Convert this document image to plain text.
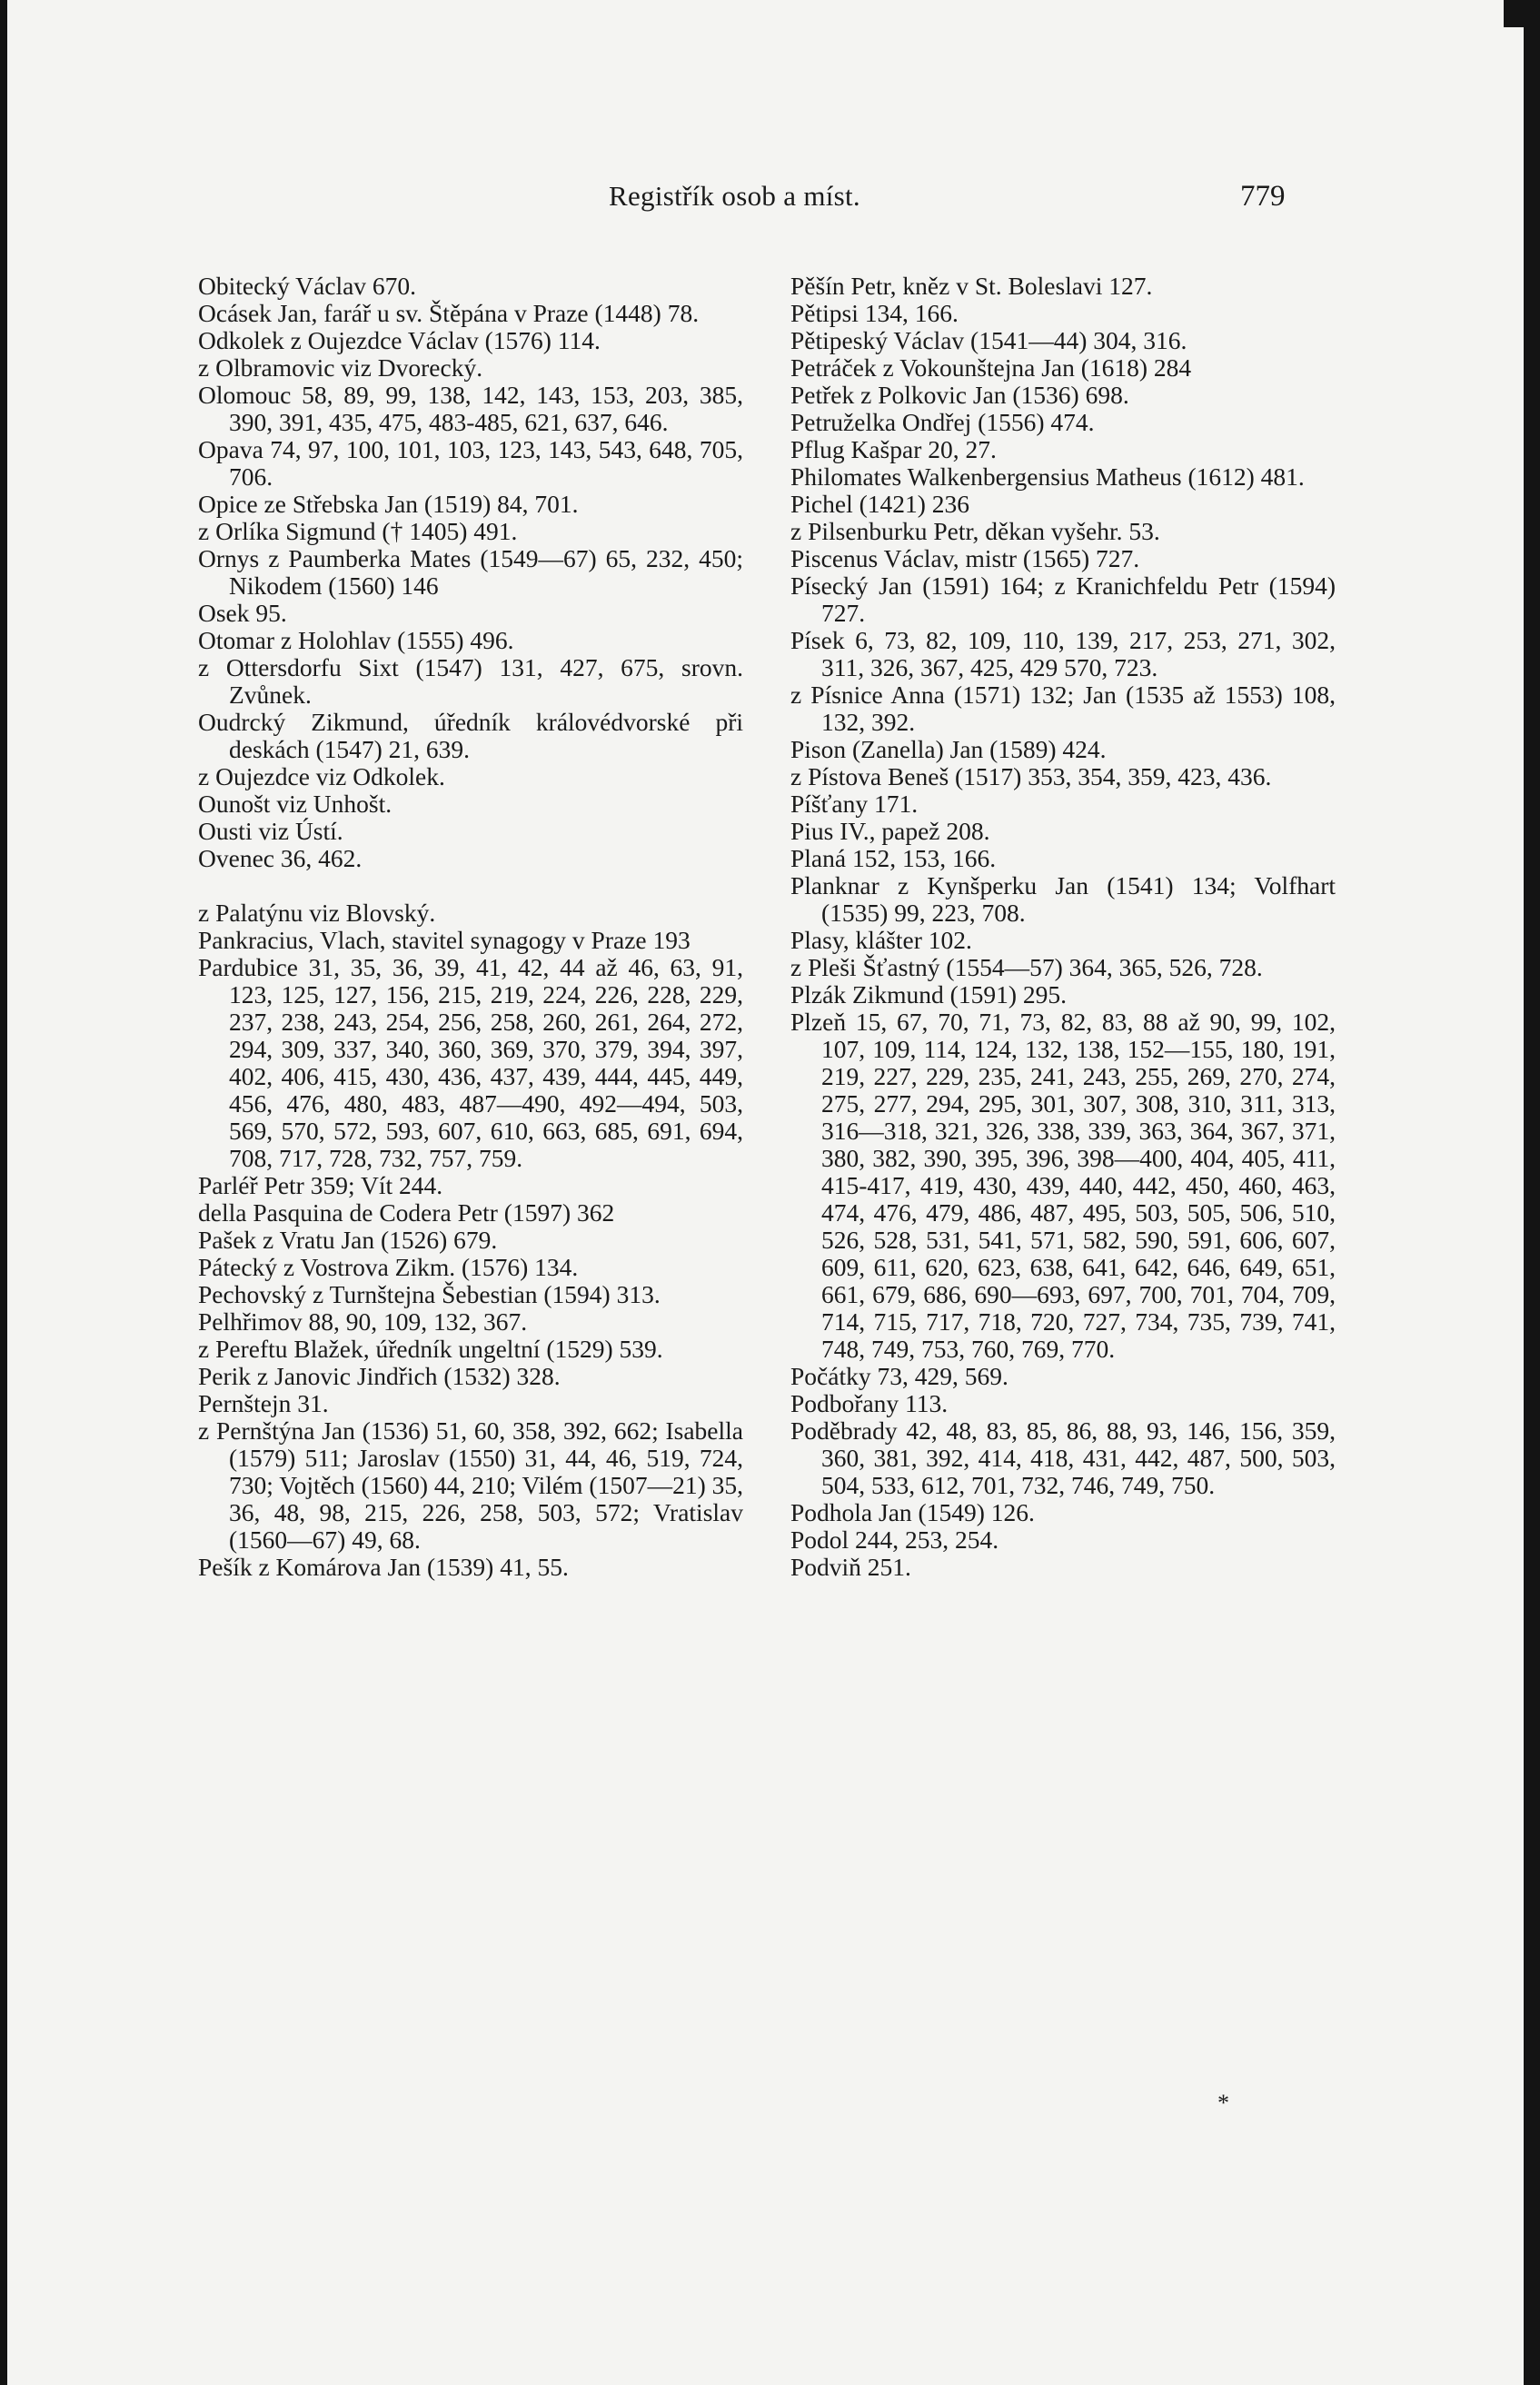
Registřík osob a míst.	779

Obitecký Václav 670.

Ocásek Jan, farář u sv. Štěpána v Praze (1448) 78.

Odkolek z Oujezdce Václav (1576) 114.

z Olbramovic viz Dvorecký.

Olomouc 58, 89, 99, 138, 142, 143, 153, 203, 385, 390, 391, 435, 475, 483-485, 621, 637, 646.

Opava 74, 97, 100, 101, 103, 123, 143, 543, 648, 705, 706.

Opice ze Střebska Jan (1519) 84, 701.

z Orlíka Sigmund († 1405) 491.

Ornys z Paumberka Mates (1549—67) 65, 232, 450; Nikodem (1560) 146

Osek 95.

Otomar z Holohlav (1555) 496.

z Ottersdorfu Sixt (1547) 131, 427, 675, srovn. Zvůnek.

Oudrcký Zikmund, úředník královédvorské při deskách (1547) 21, 639.

z Oujezdce viz Odkolek.

Ounošt viz Unhošt.

Ousti viz Ústí.

Ovenec 36, 462.

z Palatýnu viz Blovský.

Pankracius, Vlach, stavitel synagogy v Praze 193

Pardubice 31, 35, 36, 39, 41, 42, 44 až 46, 63, 91, 123, 125, 127, 156, 215, 219, 224, 226, 228, 229, 237, 238, 243, 254, 256, 258, 260, 261, 264, 272, 294, 309, 337, 340, 360, 369, 370, 379, 394, 397, 402, 406, 415, 430, 436, 437, 439, 444, 445, 449, 456, 476, 480, 483, 487—490, 492—494, 503, 569, 570, 572, 593, 607, 610, 663, 685, 691, 694, 708, 717, 728, 732, 757, 759.

Parléř Petr 359; Vít 244.

della Pasquina de Codera Petr (1597) 362

Pašek z Vratu Jan (1526) 679.

Pátecký z Vostrova Zikm. (1576) 134.

Pechovský z Turnštejna Šebestian (1594) 313.

Pelhřimov 88, 90, 109, 132, 367.

z Pereftu Blažek, úředník ungeltní (1529) 539.

Perik z Janovic Jindřich (1532) 328.

Pernštejn 31.

z Pernštýna Jan (1536) 51, 60, 358, 392, 662; Isabella (1579) 511; Jaroslav (1550) 31, 44, 46, 519, 724, 730; Vojtěch (1560) 44, 210; Vilém (1507—21) 35, 36, 48, 98, 215, 226, 258, 503, 572; Vratislav (1560—67) 49, 68.

Pešík z Komárova Jan (1539) 41, 55.

Pěšín Petr, kněz v St. Boleslavi 127.

Pětipsi 134, 166.

Pětipeský Václav (1541—44) 304, 316.

Petráček z Vokounštejna Jan (1618) 284

Petřek z Polkovic Jan (1536) 698.

Petruželka Ondřej (1556) 474.

Pflug Kašpar 20, 27.

Philomates Walkenbergensius Matheus (1612) 481.

Pichel (1421) 236

z Pilsenburku Petr, děkan vyšehr. 53.

Piscenus Václav, mistr (1565) 727.

Písecký Jan (1591) 164; z Kranichfeldu Petr (1594) 727.

Písek 6, 73, 82, 109, 110, 139, 217, 253, 271, 302, 311, 326, 367, 425, 429 570, 723.

z Písnice Anna (1571) 132; Jan (1535 až 1553) 108, 132, 392.

Pison (Zanella) Jan (1589) 424.

z Pístova Beneš (1517) 353, 354, 359, 423, 436.

Píšťany 171.

Pius IV., papež 208.

Planá 152, 153, 166.

Planknar z Kynšperku Jan (1541) 134; Volfhart (1535) 99, 223, 708.

Plasy, klášter 102.

z Pleši Šťastný (1554—57) 364, 365, 526, 728.

Plzák Zikmund (1591) 295.

Plzeň 15, 67, 70, 71, 73, 82, 83, 88 až 90, 99, 102, 107, 109, 114, 124, 132, 138, 152—155, 180, 191, 219, 227, 229, 235, 241, 243, 255, 269, 270, 274, 275, 277, 294, 295, 301, 307, 308, 310, 311, 313, 316—318, 321, 326, 338, 339, 363, 364, 367, 371, 380, 382, 390, 395, 396, 398—400, 404, 405, 411, 415-417, 419, 430, 439, 440, 442, 450, 460, 463, 474, 476, 479, 486, 487, 495, 503, 505, 506, 510, 526, 528, 531, 541, 571, 582, 590, 591, 606, 607, 609, 611, 620, 623, 638, 641, 642, 646, 649, 651, 661, 679, 686, 690—693, 697, 700, 701, 704, 709, 714, 715, 717, 718, 720, 727, 734, 735, 739, 741, 748, 749, 753, 760, 769, 770.

Počátky 73, 429, 569.

Podbořany 113.

Poděbrady 42, 48, 83, 85, 86, 88, 93, 146, 156, 359, 360, 381, 392, 414, 418, 431, 442, 487, 500, 503, 504, 533, 612, 701, 732, 746, 749, 750.

Podhola Jan (1549) 126.

Podol 244, 253, 254.

Podviň 251.

*
